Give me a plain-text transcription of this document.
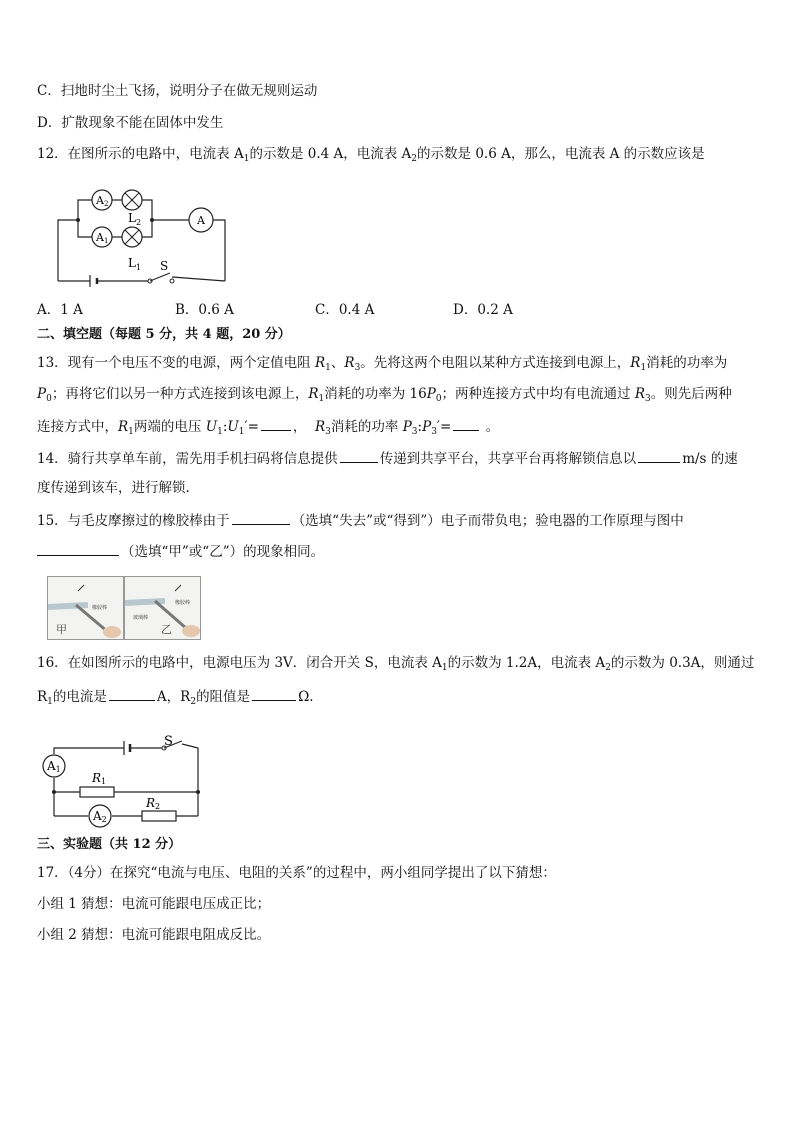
C．扫地时尘土飞扬，说明分子在做无规则运动
D．扩散现象不能在固体中发生
12．在图所示的电路中，电流表 $A_1$的示数是 0.4 A，电流表 $A_2$的示数是 0.6 A，那么，电流表 A 的示数应该是
S
A2
A1
$L_2$
$L_1$
A
A．1 A	B．0.6 A	C．0.4 A	D．0.2 A
二、填空题（每题 5 分，共 4 题，20 分）
13．现有一个电压不变的电源，两个定值电阻 $R_1$、$R_3$。先将这两个电阻以某种方式连接到电源上，$R_1$消耗的功率为
$P_0$；再将它们以另一种方式连接到该电源上，$R_1$消耗的功率为 $16P_0$；两种连接方式中均有电流通过 $R_3$。则先后两种
连接方式中，$R_1$两端的电压 $U_1:U_1'=$	， $R_3$消耗的功率 $P_3:P_3'=$ 。
14．骑行共享单车前，需先用手机扫码将信息提供	传递到共享平台，共享平台再将解锁信息以	m/s 的速
度传递到该车，进行解锁.
15．与毛皮摩擦过的橡胶棒由于	（选填“失去”或“得到”）电子而带负电；验电器的工作原理与图中
（选填“甲”或“乙”）的现象相同。
甲
橡胶棒
乙
橡胶棒
玻璃棒
16．在如图所示的电路中，电源电压为 3V．闭合开关 S，电流表 $A_1$的示数为 1.2A，电流表 $A_2$的示数为 0.3A，则通过
$R_1$的电流是	A，$R_2$的阻值是	Ω.
S
A1
R1
A2
R2
三、实验题（共 12 分）
17．（4分）在探究“电流与电压、电阻的关系”的过程中，两小组同学提出了以下猜想：
小组 1 猜想：电流可能跟电压成正比；
小组 2 猜想：电流可能跟电阻成反比。
